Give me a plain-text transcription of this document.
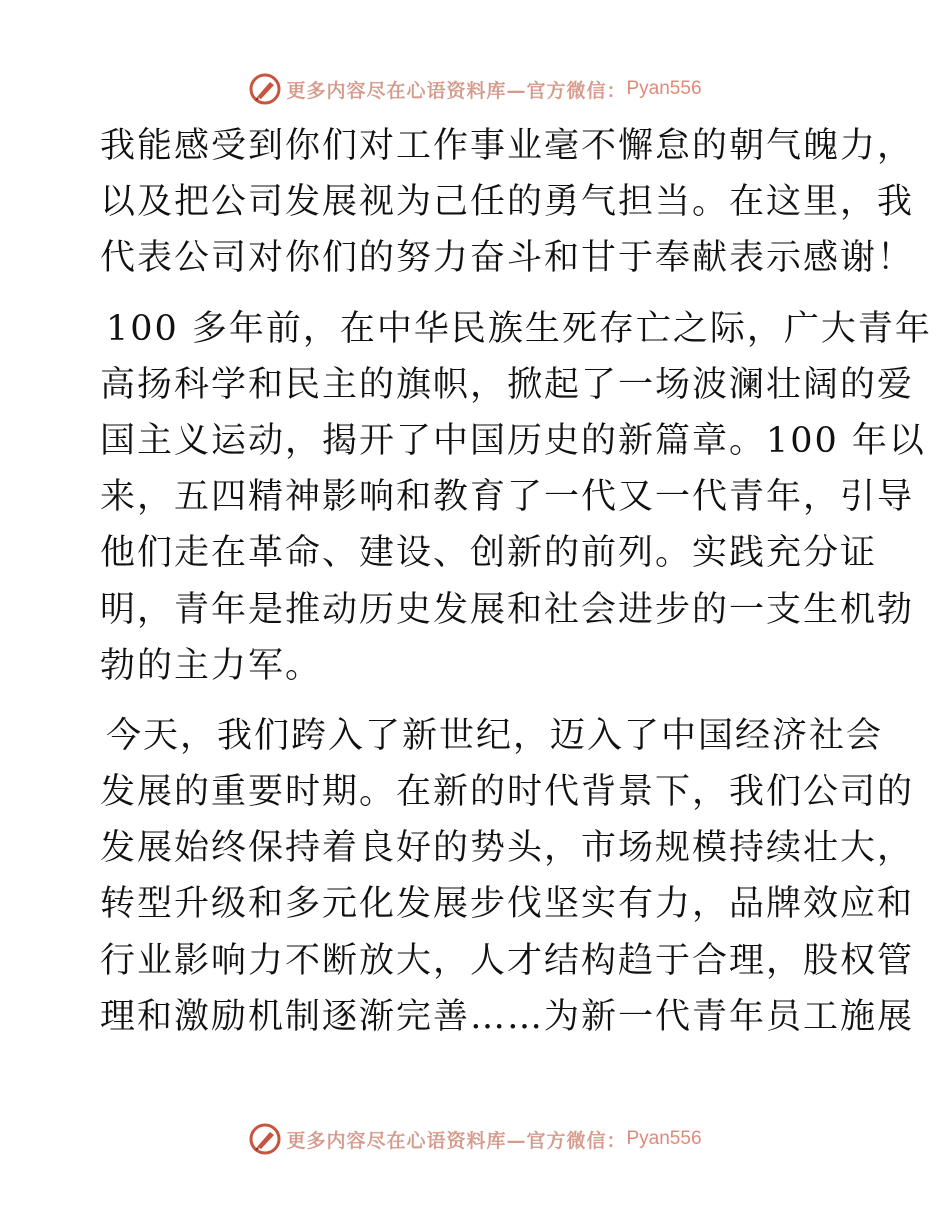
更多内容尽在心语资料库—官方微信： Pyan556
我能感受到你们对工作事业毫不懈怠的朝气魄力，
以及把公司发展视为己任的勇气担当。在这里，我
代表公司对你们的努力奋斗和甘于奉献表示感谢！
100 多年前，在中华民族生死存亡之际，广大青年
高扬科学和民主的旗帜，掀起了一场波澜壮阔的爱
国主义运动，揭开了中国历史的新篇章。100 年以
来，五四精神影响和教育了一代又一代青年，引导
他们走在革命、建设、创新的前列。实践充分证
明，青年是推动历史发展和社会进步的一支生机勃
勃的主力军。
今天，我们跨入了新世纪，迈入了中国经济社会
发展的重要时期。在新的时代背景下，我们公司的
发展始终保持着良好的势头，市场规模持续壮大，
转型升级和多元化发展步伐坚实有力，品牌效应和
行业影响力不断放大，人才结构趋于合理，股权管
理和激励机制逐渐完善……为新一代青年员工施展
更多内容尽在心语资料库—官方微信： Pyan556
